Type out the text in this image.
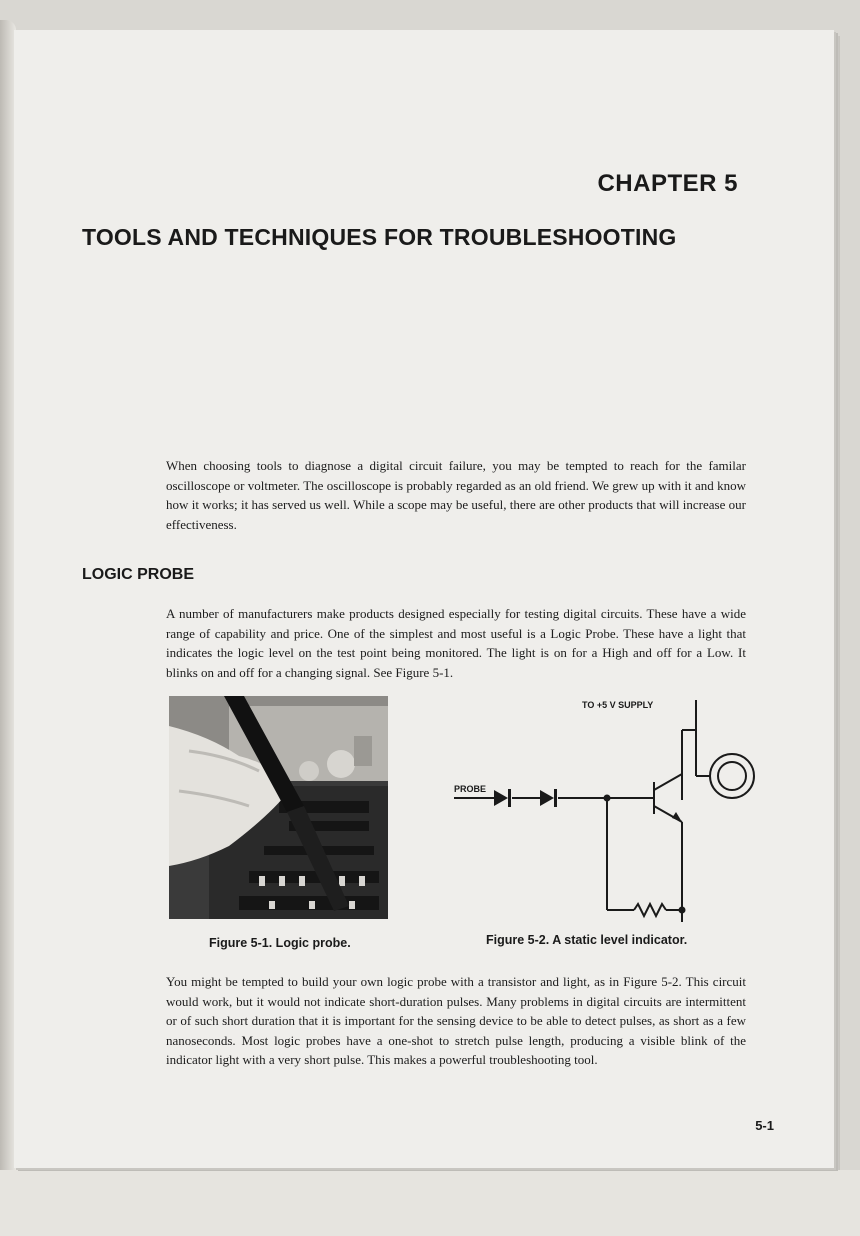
CHAPTER 5
TOOLS AND TECHNIQUES FOR TROUBLESHOOTING

When choosing tools to diagnose a digital circuit failure, you may be tempted to reach for the familar oscilloscope or voltmeter. The oscilloscope is probably regarded as an old friend. We grew up with it and know how it works; it has served us well. While a scope may be useful, there are other products that will increase our effectiveness.

LOGIC PROBE

A number of manufacturers make products designed especially for testing digital circuits. These have a wide range of capability and price. One of the simplest and most useful is a Logic Probe. These have a light that indicates the logic level on the test point being monitored. The light is on for a High and off for a Low. It blinks on and off for a changing signal. See Figure 5-1.

Figure 5-1. Logic probe.
TO +5 V SUPPLY
PROBE
Figure 5-2. A static level indicator.

You might be tempted to build your own logic probe with a transistor and light, as in Figure 5-2. This circuit would work, but it would not indicate short-duration pulses. Many problems in digital circuits are intermittent or of such short duration that it is important for the sensing device to be able to detect pulses, as short as a few nanoseconds. Most logic probes have a one-shot to stretch pulse length, producing a visible blink of the indicator light with a very short pulse. This makes a powerful troubleshooting tool.

5-1
